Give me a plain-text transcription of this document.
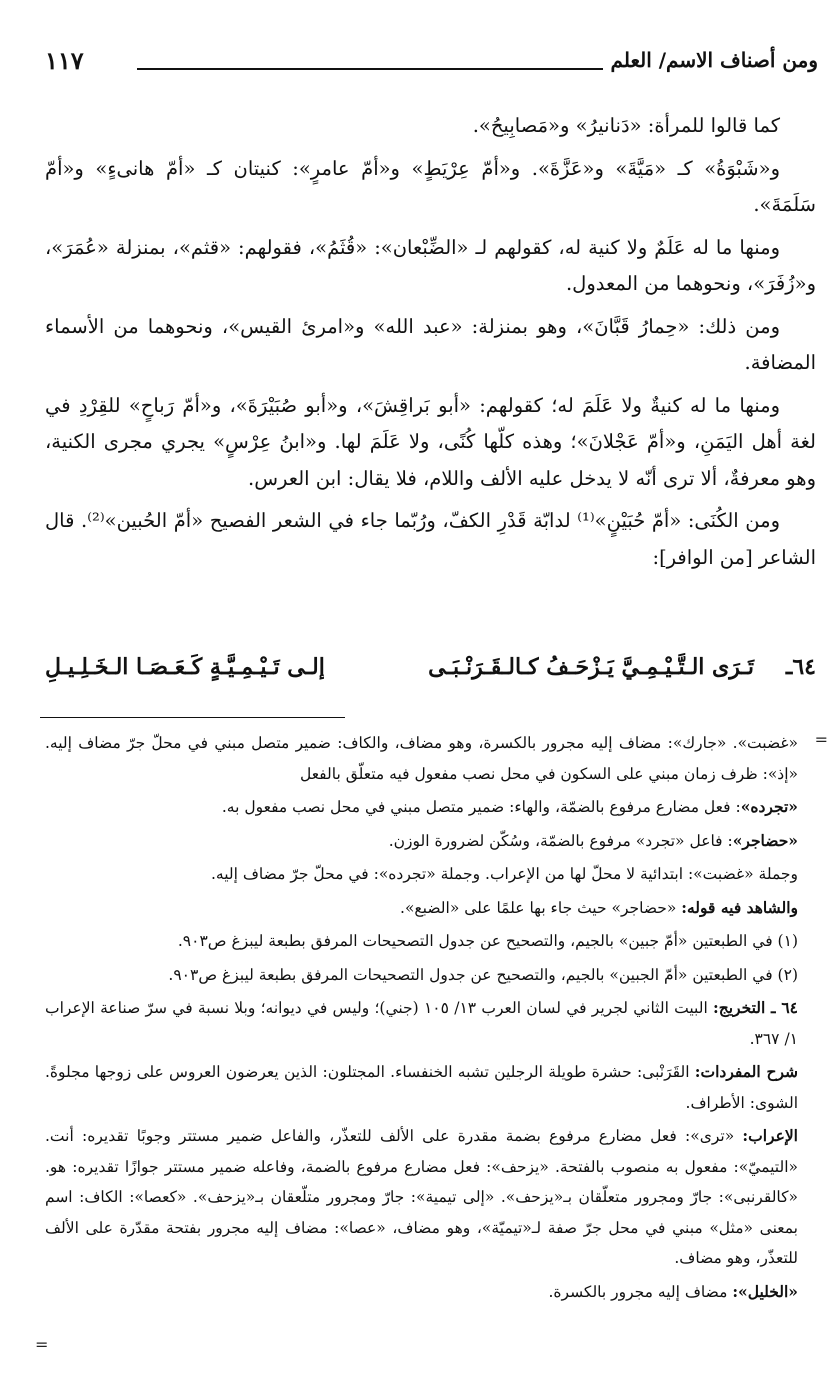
ومن أصناف الاسم/ العلم
١١٧

كما قالوا للمرأة: «دَنانيرُ» و«مَصابِيحُ».

و«شَبْوَةُ» كـ «مَيَّةَ» و«عَزَّةَ». و«أمّ عِرْيَطٍ» و«أمّ عامرٍ»: كنيتان كـ «أمّ هانىءٍ» و«أمّ سَلَمَةَ».

ومنها ما له عَلَمٌ ولا كنية له، كقولهم لـ «الضِّبْعان»: «قُثَمُ»، فقولهم: «قثم»، بمنزلة «عُمَرَ»، و«زُفَرَ»، ونحوهما من المعدول.

ومن ذلك: «حِمارُ قَبَّانَ»، وهو بمنزلة: «عبد الله» و«امرئ القيس»، ونحوهما من الأسماء المضافة.

ومنها ما له كنيةٌ ولا عَلَمَ له؛ كقولهم: «أبو بَراقِشَ»، و«أبو صُبَيْرَةَ»، و«أمّ رَباحٍ» للقِرْدِ في لغة أهل اليَمَنِ، و«أمّ عَجْلانَ»؛ وهذه كلّها كُنًى، ولا عَلَمَ لها. و«ابنُ عِرْسٍ» يجري مجرى الكنية، وهو معرفةٌ، ألا ترى أنّه لا يدخل عليه الألف واللام، فلا يقال: ابن العرس.

ومن الكُنَى: «أمّ حُبَيْنٍ»⁽¹⁾ لدابّة قَدْرِ الكفّ، ورُبّما جاء في الشعر الفصيح «أمّ الحُبين»⁽²⁾. قال الشاعر [من الوافر]:

٦٤ـ
تَـرَى الـتَّـيْـمِـيَّ يَـزْحَـفُ كـالـقَـرَنْـبَـى
إلـى تَـيْـمِـيَّـةٍ كَـعَـصَـا الـخَـلِـيـلِ
=

«غضبت». «جارك»: مضاف إليه مجرور بالكسرة، وهو مضاف، والكاف: ضمير متصل مبني في محلّ جرّ مضاف إليه. «إذ»: ظرف زمان مبني على السكون في محل نصب مفعول فيه متعلّق بالفعل

«تجرده»: فعل مضارع مرفوع بالضمّة، والهاء: ضمير متصل مبني في محل نصب مفعول به.

«حضاجر»: فاعل «تجرد» مرفوع بالضمّة، وسُكّن لضرورة الوزن.

وجملة «غضبت»: ابتدائية لا محلّ لها من الإعراب. وجملة «تجرده»: في محلّ جرّ مضاف إليه.

والشاهد فيه قوله: «حضاجر» حيث جاء بها علمًا على «الضبع».

(١) في الطبعتين «أمّ جبين» بالجيم، والتصحيح عن جدول التصحيحات المرفق بطبعة ليبزغ ص٩٠٣.

(٢) في الطبعتين «أمّ الجبين» بالجيم، والتصحيح عن جدول التصحيحات المرفق بطبعة ليبزغ ص٩٠٣.

٦٤ ـ التخريج: البيت الثاني لجرير في لسان العرب ١٣/ ١٠٥ (جني)؛ وليس في ديوانه؛ وبلا نسبة في سرّ صناعة الإعراب ١/ ٣٦٧.

شرح المفردات: القَرَنْبى: حشرة طويلة الرجلين تشبه الخنفساء. المجتلون: الذين يعرضون العروس على زوجها مجلوةً. الشوى: الأطراف.

الإعراب: «ترى»: فعل مضارع مرفوع بضمة مقدرة على الألف للتعذّر، والفاعل ضمير مستتر وجوبًا تقديره: أنت. «التيميّ»: مفعول به منصوب بالفتحة. «يزحف»: فعل مضارع مرفوع بالضمة، وفاعله ضمير مستتر جوازًا تقديره: هو. «كالقرنبى»: جارّ ومجرور متعلّقان بـ«يزحف». «إلى تيمية»: جارّ ومجرور متلّعقان بـ«يزحف». «كعصا»: الكاف: اسم بمعنى «مثل» مبني في محل جرّ صفة لـ«تيميّة»، وهو مضاف، «عصا»: مضاف إليه مجرور بفتحة مقدّرة على الألف للتعذّر، وهو مضاف.

«الخليل»: مضاف إليه مجرور بالكسرة.

=
